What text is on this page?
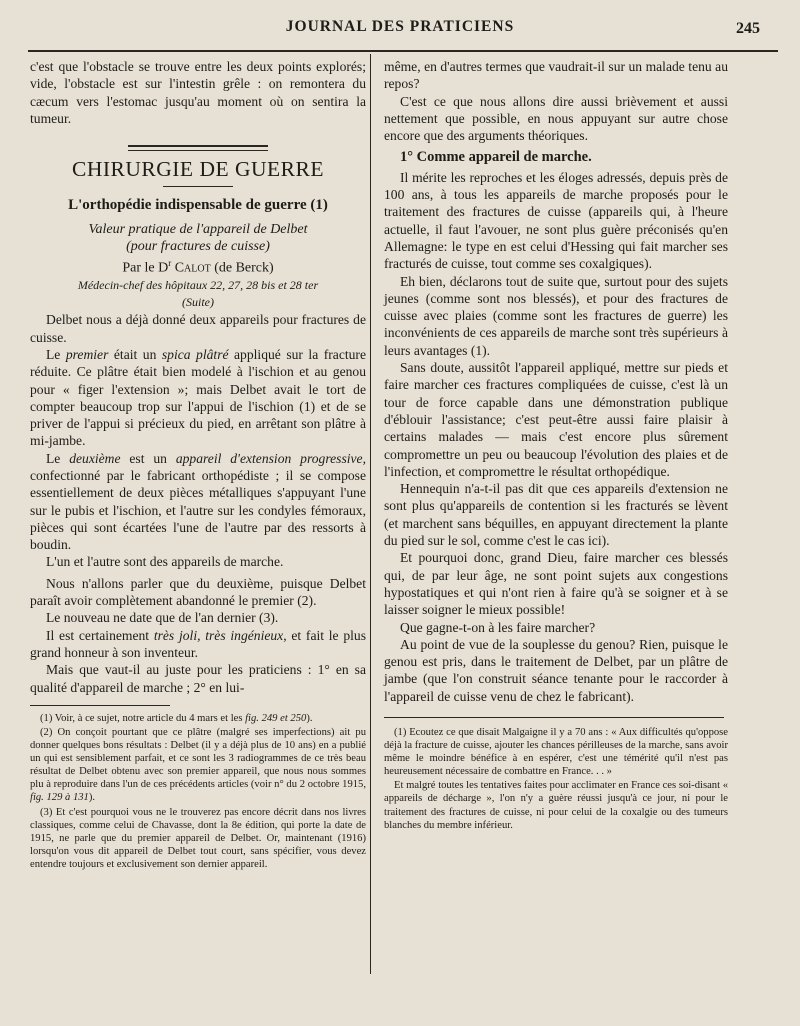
JOURNAL DES PRATICIENS	245

c'est que l'obstacle se trouve entre les deux points explorés; vide, l'obstacle est sur l'intestin grêle : on remontera du cæcum vers l'estomac jusqu'au moment où on sentira la tumeur.

CHIRURGIE DE GUERRE
L'orthopédie indispensable de guerre (1)

Valeur pratique de l'appareil de Delbet

(pour fractures de cuisse)

Par le $D^r$ Calot (de Berck)

Médecin-chef des hôpitaux 22, 27, 28 bis et 28 ter

(Suite)

Delbet nous a déjà donné deux appareils pour fractures de cuisse.

Le premier était un spica plâtré appliqué sur la fracture réduite. Ce plâtre était bien modelé à l'ischion et au genou pour « figer l'extension »; mais Delbet avait le tort de compter beaucoup trop sur l'appui de l'ischion (1) et de se priver de l'appui si précieux du pied, en arrêtant son plâtre à mi-jambe.

Le deuxième est un appareil d'extension progressive, confectionné par le fabricant orthopédiste ; il se compose essentiellement de deux pièces métalliques s'appuyant l'une sur le pubis et l'ischion, et l'autre sur les condyles fémoraux, pièces qui sont écartées l'une de l'autre par des ressorts à boudin.

L'un et l'autre sont des appareils de marche.

Nous n'allons parler que du deuxième, puisque Delbet paraît avoir complètement abandonné le premier (2).

Le nouveau ne date que de l'an dernier (3).

Il est certainement très joli, très ingénieux, et fait le plus grand honneur à son inventeur.

Mais que vaut-il au juste pour les praticiens : 1° en sa qualité d'appareil de marche ; 2° en lui-

(1) Voir, à ce sujet, notre article du 4 mars et les fig. 249 et 250).

(2) On conçoit pourtant que ce plâtre (malgré ses imperfections) ait pu donner quelques bons résultats : Delbet (il y a déjà plus de 10 ans) en a publié un qui est sensiblement parfait, et ce sont les 3 radiogrammes de ce très beau résultat de Delbet obtenu avec son premier appareil, que nous nous sommes plu à reproduire dans l'un de ces précédents articles (voir n° du 2 octobre 1915, fig. 129 à 131).

(3) Et c'est pourquoi vous ne le trouverez pas encore décrit dans nos livres classiques, comme celui de Chavasse, dont la 8e édition, qui porte la date de 1915, ne parle que du premier appareil de Delbet. Or, maintenant (1916) lorsqu'on vous dit appareil de Delbet tout court, sans spécifier, vous devez entendre toujours et exclusivement son dernier appareil.

même, en d'autres termes que vaudrait-il sur un malade tenu au repos?

C'est ce que nous allons dire aussi brièvement et aussi nettement que possible, en nous appuyant sur autre chose encore que des arguments théoriques.

1° Comme appareil de marche.

Il mérite les reproches et les éloges adressés, depuis près de 100 ans, à tous les appareils de marche proposés pour le traitement des fractures de cuisse (appareils qui, à l'heure actuelle, il faut l'avouer, ne sont plus guère préconisés qu'en Allemagne: le type en est celui d'Hessing qui fait marcher ses fracturés de cuisse, tout comme ses coxalgiques).

Eh bien, déclarons tout de suite que, surtout pour des sujets jeunes (comme sont nos blessés), et pour des fractures de cuisse avec plaies (comme sont les fractures de guerre) les inconvénients de ces appareils de marche sont très supérieurs à leurs avantages (1).

Sans doute, aussitôt l'appareil appliqué, mettre sur pieds et faire marcher ces fractures compliquées de cuisse, c'est là un tour de force capable dans une démonstration publique d'éblouir l'assistance; c'est peut-être aussi faire plaisir à certains malades — mais c'est encore plus sûrement compromettre un peu ou beaucoup l'évolution des plaies et de l'infection, et compromettre le résultat orthopédique.

Hennequin n'a-t-il pas dit que ces appareils d'extension ne sont plus qu'appareils de contention si les fracturés se lèvent (et marchent sans béquilles, en appuyant directement la plante du pied sur le sol, comme c'est le cas ici).

Et pourquoi donc, grand Dieu, faire marcher ces blessés qui, de par leur âge, ne sont point sujets aux congestions hypostatiques et qui n'ont rien à faire qu'à se soigner et à se laisser soigner le mieux possible!

Que gagne-t-on à les faire marcher?

Au point de vue de la souplesse du genou? Rien, puisque le genou est pris, dans le traitement de Delbet, par un plâtre de jambe (que l'on construit séance tenante pour le raccorder à l'appareil de cuisse venu de chez le fabricant).

(1) Ecoutez ce que disait Malgaigne il y a 70 ans : « Aux difficultés qu'oppose déjà la fracture de cuisse, ajouter les chances périlleuses de la marche, sans avoir même le moindre bénéfice à en espérer, c'est une témérité qu'il n'est pas heureusement nécessaire de combattre en France. . . »

Et malgré toutes les tentatives faites pour acclimater en France ces soi-disant « appareils de décharge », l'on n'y a guère réussi jusqu'à ce jour, ni pour le traitement des fractures de cuisse, ni pour celui de la coxalgie ou des tumeurs blanches du membre inférieur.
